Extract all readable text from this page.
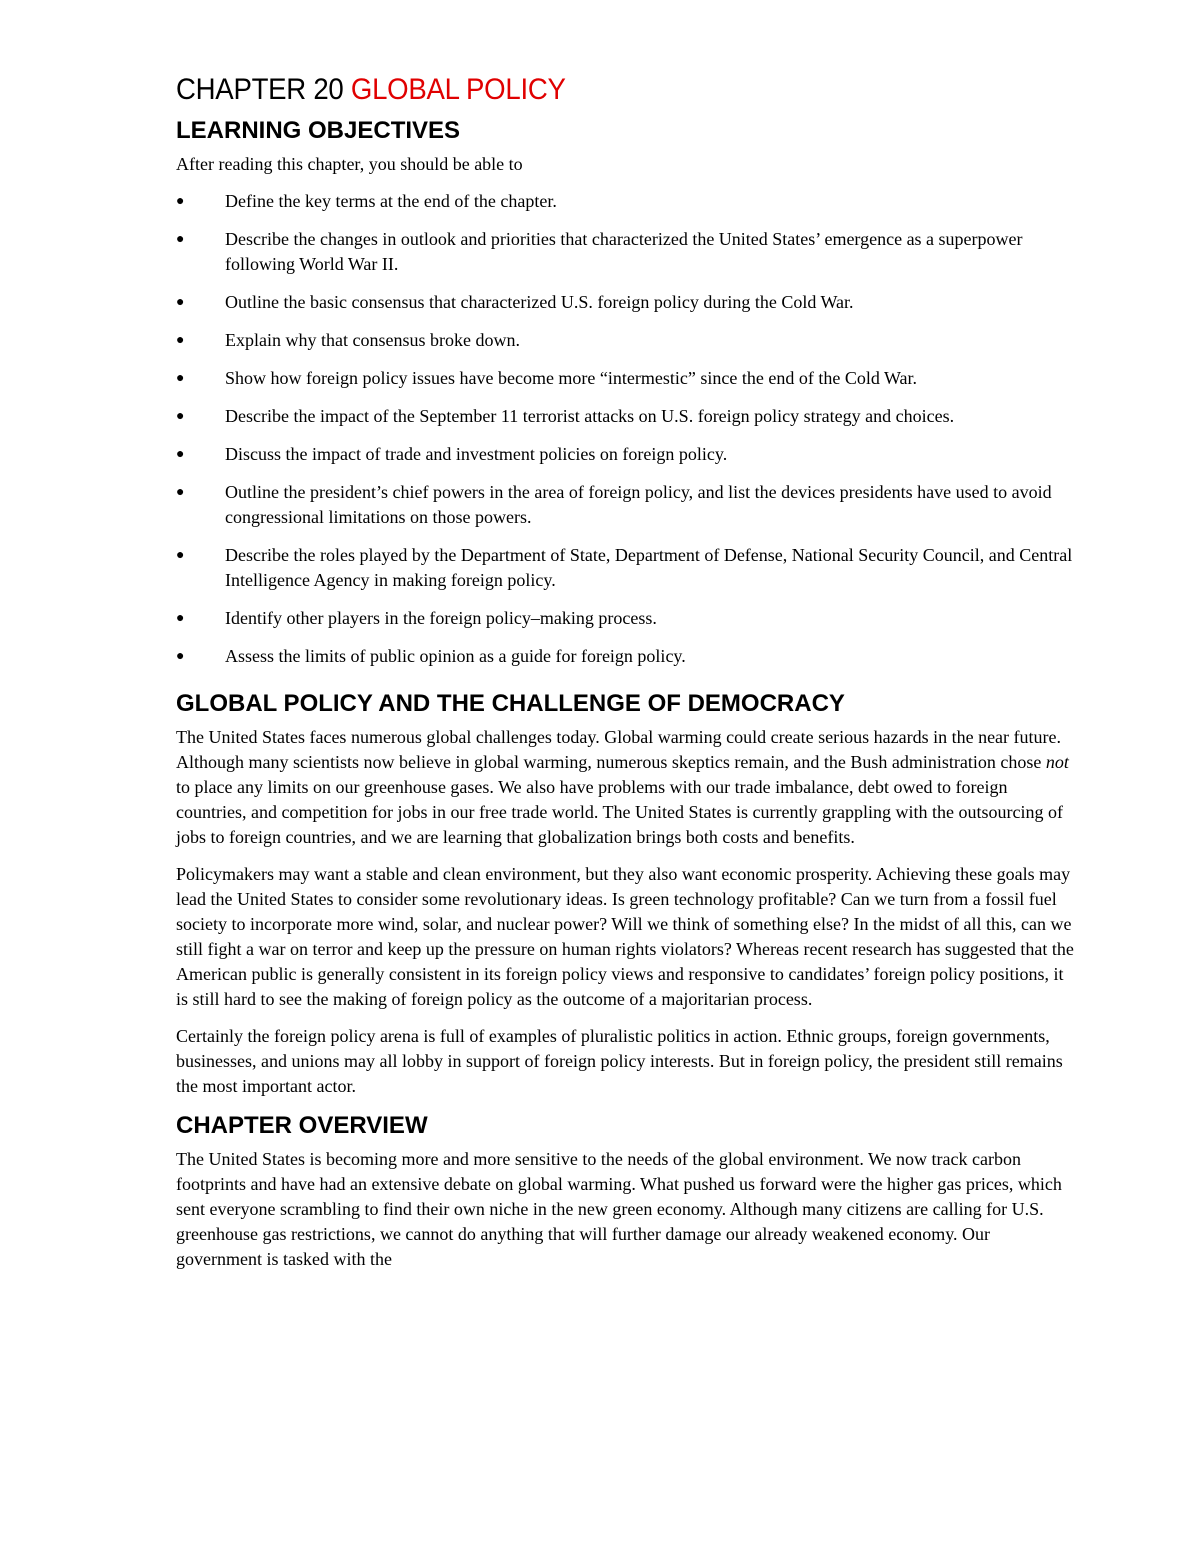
CHAPTER 20 GLOBAL POLICY
LEARNING OBJECTIVES
After reading this chapter, you should be able to
● Define the key terms at the end of the chapter.
● Describe the changes in outlook and priorities that characterized the United States’ emergence as a superpower following World War II.
● Outline the basic consensus that characterized U.S. foreign policy during the Cold War.
● Explain why that consensus broke down.
● Show how foreign policy issues have become more “intermestic” since the end of the Cold War.
● Describe the impact of the September 11 terrorist attacks on U.S. foreign policy strategy and choices.
● Discuss the impact of trade and investment policies on foreign policy.
● Outline the president’s chief powers in the area of foreign policy, and list the devices presidents have used to avoid congressional limitations on those powers.
● Describe the roles played by the Department of State, Department of Defense, National Security Council, and Central Intelligence Agency in making foreign policy.
● Identify other players in the foreign policy–making process.
● Assess the limits of public opinion as a guide for foreign policy.
GLOBAL POLICY AND THE CHALLENGE OF DEMOCRACY

The United States faces numerous global challenges today. Global warming could create serious hazards in the near future. Although many scientists now believe in global warming, numerous skeptics remain, and the Bush administration chose not to place any limits on our greenhouse gases. We also have problems with our trade imbalance, debt owed to foreign countries, and competition for jobs in our free trade world. The United States is currently grappling with the outsourcing of jobs to foreign countries, and we are learning that globalization brings both costs and benefits.

Policymakers may want a stable and clean environment, but they also want economic prosperity. Achieving these goals may lead the United States to consider some revolutionary ideas. Is green technology profitable? Can we turn from a fossil fuel society to incorporate more wind, solar, and nuclear power? Will we think of something else? In the midst of all this, can we still fight a war on terror and keep up the pressure on human rights violators? Whereas recent research has suggested that the American public is generally consistent in its foreign policy views and responsive to candidates’ foreign policy positions, it is still hard to see the making of foreign policy as the outcome of a majoritarian process.

Certainly the foreign policy arena is full of examples of pluralistic politics in action. Ethnic groups, foreign governments, businesses, and unions may all lobby in support of foreign policy interests. But in foreign policy, the president still remains the most important actor.

CHAPTER OVERVIEW

The United States is becoming more and more sensitive to the needs of the global environment. We now track carbon footprints and have had an extensive debate on global warming. What pushed us forward were the higher gas prices, which sent everyone scrambling to find their own niche in the new green economy. Although many citizens are calling for U.S. greenhouse gas restrictions, we cannot do anything that will further damage our already weakened economy. Our government is tasked with the
